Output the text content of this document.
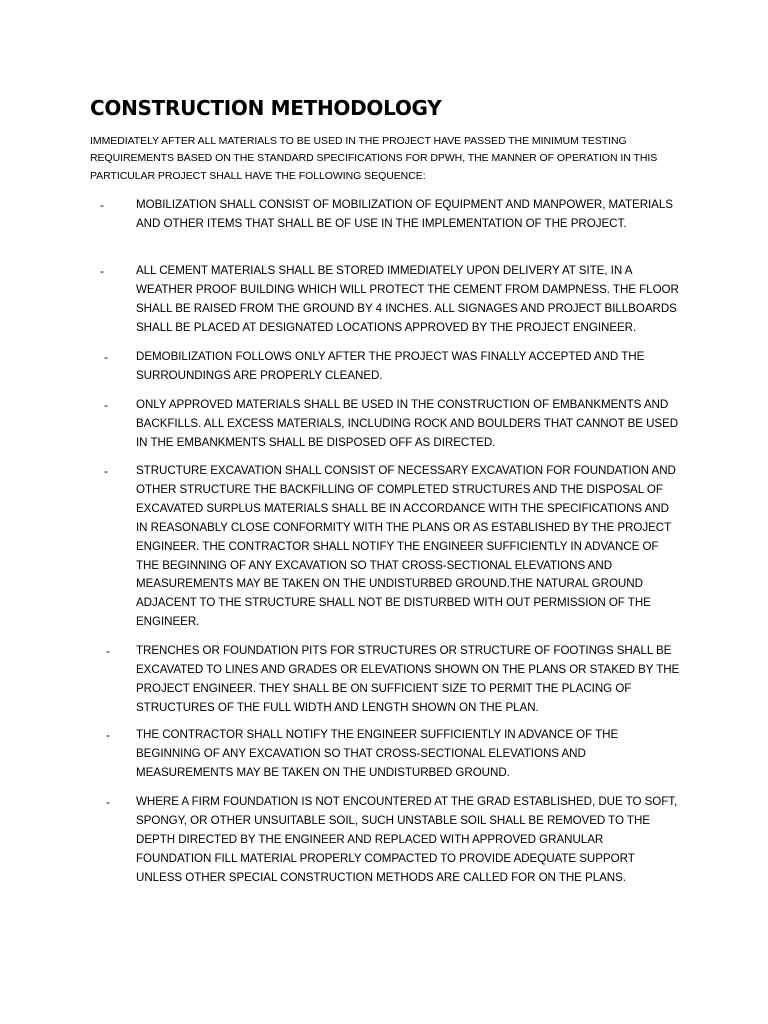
CONSTRUCTION METHODOLOGY

IMMEDIATELY AFTER ALL MATERIALS TO BE USED IN THE PROJECT HAVE PASSED THE MINIMUM TESTING REQUIREMENTS BASED ON THE STANDARD SPECIFICATIONS FOR DPWH, THE MANNER OF OPERATION IN THIS PARTICULAR PROJECT SHALL HAVE THE FOLLOWING SEQUENCE:

-	MOBILIZATION SHALL CONSIST OF MOBILIZATION OF EQUIPMENT AND MANPOWER, MATERIALS AND OTHER ITEMS THAT SHALL BE OF USE IN THE IMPLEMENTATION OF THE PROJECT.

-	ALL CEMENT MATERIALS SHALL BE STORED IMMEDIATELY UPON DELIVERY AT SITE, IN A WEATHER PROOF BUILDING WHICH WILL PROTECT THE CEMENT FROM DAMPNESS. THE FLOOR SHALL BE RAISED FROM THE GROUND BY 4 INCHES. ALL SIGNAGES AND PROJECT BILLBOARDS SHALL BE PLACED AT DESIGNATED LOCATIONS APPROVED BY THE PROJECT ENGINEER.

- DEMOBILIZATION FOLLOWS ONLY AFTER THE PROJECT WAS FINALLY ACCEPTED AND THE SURROUNDINGS ARE PROPERLY CLEANED.

- ONLY APPROVED MATERIALS SHALL BE USED IN THE CONSTRUCTION OF EMBANKMENTS AND BACKFILLS. ALL EXCESS MATERIALS, INCLUDING ROCK AND BOULDERS THAT CANNOT BE USED IN THE EMBANKMENTS SHALL BE DISPOSED OFF AS DIRECTED.

- STRUCTURE EXCAVATION SHALL CONSIST OF NECESSARY EXCAVATION FOR FOUNDATION AND OTHER STRUCTURE THE BACKFILLING OF COMPLETED STRUCTURES AND THE DISPOSAL OF EXCAVATED SURPLUS MATERIALS SHALL BE IN ACCORDANCE WITH THE SPECIFICATIONS AND IN REASONABLY CLOSE CONFORMITY WITH THE PLANS OR AS ESTABLISHED BY THE PROJECT ENGINEER. THE CONTRACTOR SHALL NOTIFY THE ENGINEER SUFFICIENTLY IN ADVANCE OF THE BEGINNING OF ANY EXCAVATION SO THAT CROSS-SECTIONAL ELEVATIONS AND MEASUREMENTS MAY BE TAKEN ON THE UNDISTURBED GROUND.THE NATURAL GROUND ADJACENT TO THE STRUCTURE SHALL NOT BE DISTURBED WITH OUT PERMISSION OF THE ENGINEER.

- TRENCHES OR FOUNDATION PITS FOR STRUCTURES OR STRUCTURE OF FOOTINGS SHALL BE EXCAVATED TO LINES AND GRADES OR ELEVATIONS SHOWN ON THE PLANS OR STAKED BY THE PROJECT ENGINEER. THEY SHALL BE ON SUFFICIENT SIZE TO PERMIT THE PLACING OF STRUCTURES OF THE FULL WIDTH AND LENGTH SHOWN ON THE PLAN.

- THE CONTRACTOR SHALL NOTIFY THE ENGINEER SUFFICIENTLY IN ADVANCE OF THE BEGINNING OF ANY EXCAVATION SO THAT CROSS-SECTIONAL ELEVATIONS AND MEASUREMENTS MAY BE TAKEN ON THE UNDISTURBED GROUND.

- WHERE A FIRM FOUNDATION IS NOT ENCOUNTERED AT THE GRAD ESTABLISHED, DUE TO SOFT, SPONGY, OR OTHER UNSUITABLE SOIL, SUCH UNSTABLE SOIL SHALL BE REMOVED TO THE DEPTH DIRECTED BY THE ENGINEER AND REPLACED WITH APPROVED GRANULAR FOUNDATION FILL MATERIAL PROPERLY COMPACTED TO PROVIDE ADEQUATE SUPPORT UNLESS OTHER SPECIAL CONSTRUCTION METHODS ARE CALLED FOR ON THE PLANS.
